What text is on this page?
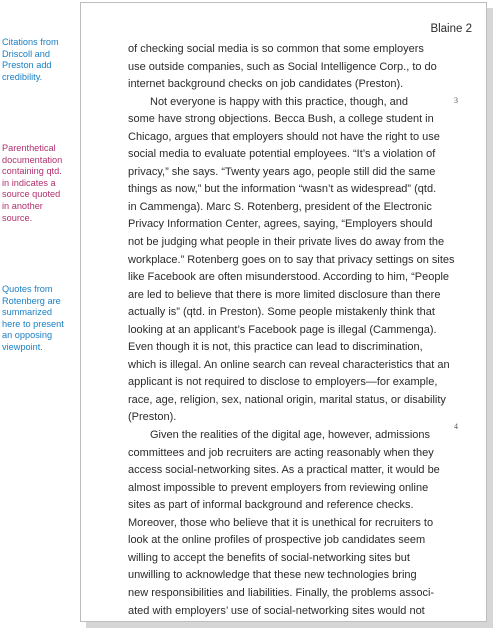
Citations from
Driscoll and
Preston add
credibility.
Parenthetical
documentation
containing qtd.
in indicates a
source quoted
in another
source.
Quotes from
Rotenberg are
summarized
here to present
an opposing
viewpoint.
Blaine 2
3
4
of checking social media is so common that some employers
use outside companies, such as Social Intelligence Corp., to do
internet background checks on job candidates (Preston).
Not everyone is happy with this practice, though, and
some have strong objections. Becca Bush, a college student in
Chicago, argues that employers should not have the right to use
social media to evaluate potential employees. “It’s a violation of
privacy,” she says. “Twenty years ago, people still did the same
things as now,” but the information “wasn’t as widespread” (qtd.
in Cammenga). Marc S. Rotenberg, president of the Electronic
Privacy Information Center, agrees, saying, “Employers should
not be judging what people in their private lives do away from the
workplace.” Rotenberg goes on to say that privacy settings on sites
like Facebook are often misunderstood. According to him, “People
are led to believe that there is more limited disclosure than there
actually is” (qtd. in Preston). Some people mistakenly think that
looking at an applicant’s Facebook page is illegal (Cammenga).
Even though it is not, this practice can lead to discrimination,
which is illegal. An online search can reveal characteristics that an
applicant is not required to disclose to employers—for example,
race, age, religion, sex, national origin, marital status, or disability
(Preston).
Given the realities of the digital age, however, admissions
committees and job recruiters are acting reasonably when they
access social-networking sites. As a practical matter, it would be
almost impossible to prevent employers from reviewing online
sites as part of informal background and reference checks.
Moreover, those who believe that it is unethical for recruiters to
look at the online profiles of prospective job candidates seem
willing to accept the benefits of social-networking sites but
unwilling to acknowledge that these new technologies bring
new responsibilities and liabilities. Finally, the problems associ-
ated with employers’ use of social-networking sites would not
